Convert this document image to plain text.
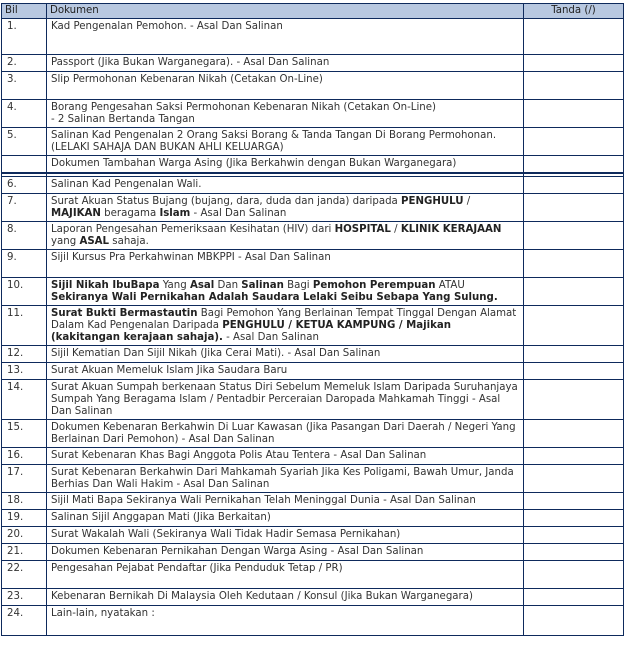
Bil	Dokumen	Tanda (/)
1.	Kad Pengenalan Pemohon. - Asal Dan Salinan	
2.	Passport (Jika Bukan Warganegara). - Asal Dan Salinan	
3.	Slip Permohonan Kebenaran Nikah (Cetakan On-Line)	
4.	Borang Pengesahan Saksi Permohonan Kebenaran Nikah (Cetakan On-Line)
- 2 Salinan Bertanda Tangan	

5.	Salinan Kad Pengenalan 2 Orang Saksi Borang & Tanda Tangan Di Borang Permohonan.
(LELAKI SAHAJA DAN BUKAN AHLI KELUARGA)	

	Dokumen Tambahan Warga Asing (Jika Berkahwin dengan Bukan Warganegara)	

6.	Salinan Kad Pengenalan Wali.	
7.	Surat Akuan Status Bujang (bujang, dara, duda dan janda) daripada PENGHULU / MAJIKAN beragama Islam - Asal Dan Salinan	
8.	Laporan Pengesahan Pemeriksaan Kesihatan (HIV) dari HOSPITAL / KLINIK KERAJAAN yang ASAL sahaja.	
9.	Sijil Kursus Pra Perkahwinan MBKPPI - Asal Dan Salinan	
10.	Sijil Nikah IbuBapa Yang Asal Dan Salinan Bagi Pemohon Perempuan ATAU Sekiranya Wali Pernikahan Adalah Saudara Lelaki Seibu Sebapa Yang Sulung.	
11.	Surat Bukti Bermastautin Bagi Pemohon Yang Berlainan Tempat Tinggal Dengan Alamat Dalam Kad Pengenalan Daripada PENGHULU / KETUA KAMPUNG / Majikan (kakitangan kerajaan sahaja). - Asal Dan Salinan	
12.	Sijil Kematian Dan Sijil Nikah (Jika Cerai Mati). - Asal Dan Salinan	
13.	Surat Akuan Memeluk Islam Jika Saudara Baru	
14.	Surat Akuan Sumpah berkenaan Status Diri Sebelum Memeluk Islam Daripada Suruhanjaya Sumpah Yang Beragama Islam / Pentadbir Perceraian Daropada Mahkamah Tinggi - Asal Dan Salinan	
15.	Dokumen Kebenaran Berkahwin Di Luar Kawasan (Jika Pasangan Dari Daerah / Negeri Yang Berlainan Dari Pemohon) - Asal Dan Salinan	
16.	Surat Kebenaran Khas Bagi Anggota Polis Atau Tentera - Asal Dan Salinan	
17.	Surat Kebenaran Berkahwin Dari Mahkamah Syariah Jika Kes Poligami, Bawah Umur, Janda Berhias Dan Wali Hakim - Asal Dan Salinan	
18.	Sijil Mati Bapa Sekiranya Wali Pernikahan Telah Meninggal Dunia - Asal Dan Salinan	
19.	Salinan Sijil Anggapan Mati (Jika Berkaitan)	
20.	Surat Wakalah Wali (Sekiranya Wali Tidak Hadir Semasa Pernikahan)	
21.	Dokumen Kebenaran Pernikahan Dengan Warga Asing - Asal Dan Salinan	
22.	Pengesahan Pejabat Pendaftar (Jika Penduduk Tetap / PR)	
23.	Kebenaran Bernikah Di Malaysia Oleh Kedutaan / Konsul (Jika Bukan Warganegara)	
24.	Lain-lain, nyatakan :	
